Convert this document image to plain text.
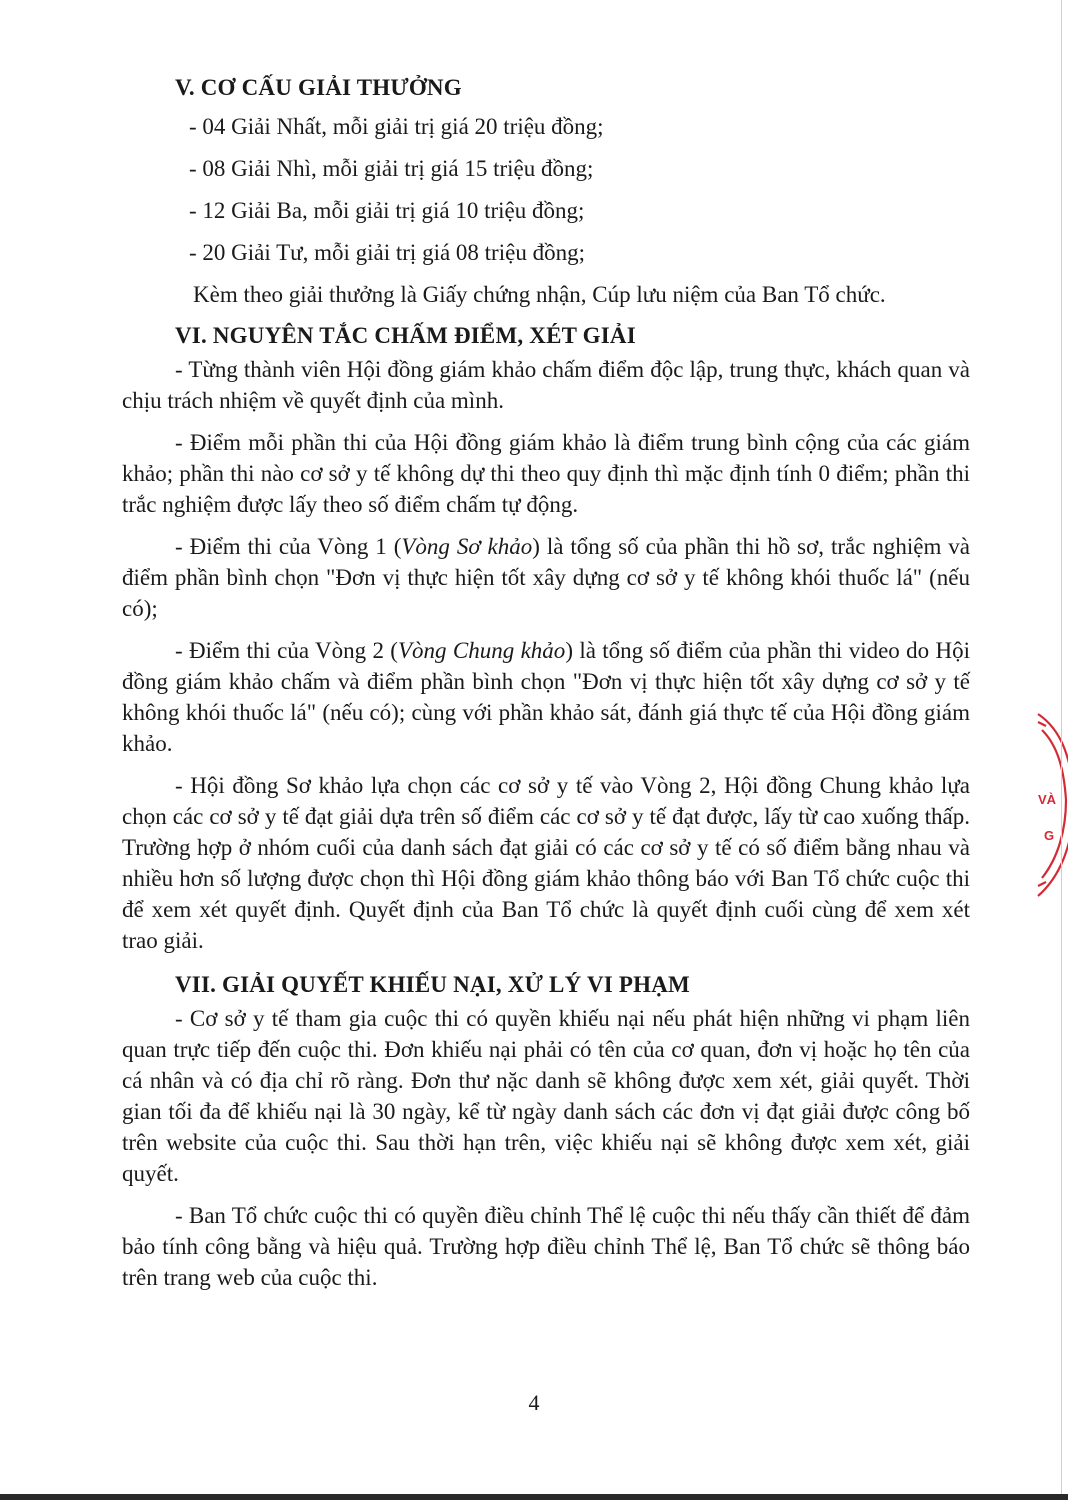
V. CƠ CẤU GIẢI THƯỞNG
- 04 Giải Nhất, mỗi giải trị giá 20 triệu đồng;
- 08 Giải Nhì, mỗi giải trị giá 15 triệu đồng;
- 12 Giải Ba, mỗi giải trị giá 10 triệu đồng;
- 20 Giải Tư, mỗi giải trị giá 08 triệu đồng;

Kèm theo giải thưởng là Giấy chứng nhận, Cúp lưu niệm của Ban Tổ chức.

VI. NGUYÊN TẮC CHẤM ĐIỂM, XÉT GIẢI

- Từng thành viên Hội đồng giám khảo chấm điểm độc lập, trung thực, khách quan và chịu trách nhiệm về quyết định của mình.

- Điểm mỗi phần thi của Hội đồng giám khảo là điểm trung bình cộng của các giám khảo; phần thi nào cơ sở y tế không dự thi theo quy định thì mặc định tính 0 điểm; phần thi trắc nghiệm được lấy theo số điểm chấm tự động.

- Điểm thi của Vòng 1 (Vòng Sơ khảo) là tổng số của phần thi hồ sơ, trắc nghiệm và điểm phần bình chọn "Đơn vị thực hiện tốt xây dựng cơ sở y tế không khói thuốc lá" (nếu có);

- Điểm thi của Vòng 2 (Vòng Chung khảo) là tổng số điểm của phần thi video do Hội đồng giám khảo chấm và điểm phần bình chọn "Đơn vị thực hiện tốt xây dựng cơ sở y tế không khói thuốc lá" (nếu có); cùng với phần khảo sát, đánh giá thực tế của Hội đồng giám khảo.

- Hội đồng Sơ khảo lựa chọn các cơ sở y tế vào Vòng 2, Hội đồng Chung khảo lựa chọn các cơ sở y tế đạt giải dựa trên số điểm các cơ sở y tế đạt được, lấy từ cao xuống thấp. Trường hợp ở nhóm cuối của danh sách đạt giải có các cơ sở y tế có số điểm bằng nhau và nhiều hơn số lượng được chọn thì Hội đồng giám khảo thông báo với Ban Tổ chức cuộc thi để xem xét quyết định. Quyết định của Ban Tổ chức là quyết định cuối cùng để xem xét trao giải.

VII. GIẢI QUYẾT KHIẾU NẠI, XỬ LÝ VI PHẠM

- Cơ sở y tế tham gia cuộc thi có quyền khiếu nại nếu phát hiện những vi phạm liên quan trực tiếp đến cuộc thi. Đơn khiếu nại phải có tên của cơ quan, đơn vị hoặc họ tên của cá nhân và có địa chỉ rõ ràng. Đơn thư nặc danh sẽ không được xem xét, giải quyết. Thời gian tối đa để khiếu nại là 30 ngày, kể từ ngày danh sách các đơn vị đạt giải được công bố trên website của cuộc thi. Sau thời hạn trên, việc khiếu nại sẽ không được xem xét, giải quyết.

- Ban Tổ chức cuộc thi có quyền điều chỉnh Thể lệ cuộc thi nếu thấy cần thiết để đảm bảo tính công bằng và hiệu quả. Trường hợp điều chỉnh Thể lệ, Ban Tổ chức sẽ thông báo trên trang web của cuộc thi.

4
VÀ
G
